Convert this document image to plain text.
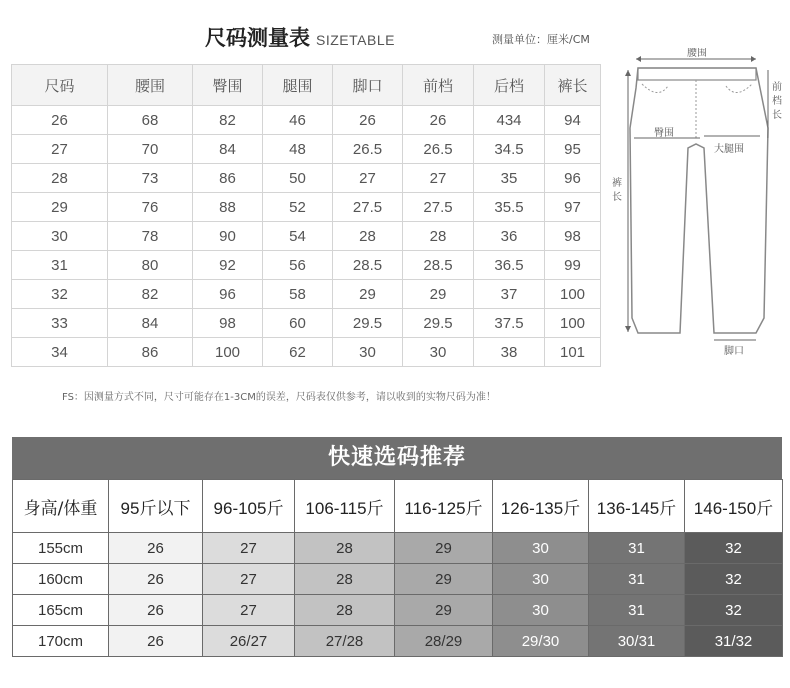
尺码测量表 SIZETABLE	测量单位：厘米/CM
尺码	腰围	臀围	腿围	脚口	前档	后档	裤长
26	68	82	46	26	26	434	94
27	70	84	48	26.5	26.5	34.5	95
28	73	86	50	27	27	35	96
29	76	88	52	27.5	27.5	35.5	97
30	78	90	54	28	28	36	98
31	80	92	56	28.5	28.5	36.5	99
32	82	96	58	29	29	37	100
33	84	98	60	29.5	29.5	37.5	100
34	86	100	62	30	30	38	101
腰围
前
档
长
臀围
大腿围
裤
长
脚口
FS：因测量方式不同，尺寸可能存在1-3CM的误差，尺码表仅供参考，请以收到的实物尺码为准！
快速选码推荐
身高/体重	95斤以下	96-105斤	106-115斤	116-125斤	126-135斤	136-145斤	146-150斤
155cm	26	27	28	29	30	31	32
160cm	26	27	28	29	30	31	32
165cm	26	27	28	29	30	31	32
170cm	26	26/27	27/28	28/29	29/30	30/31	31/32
